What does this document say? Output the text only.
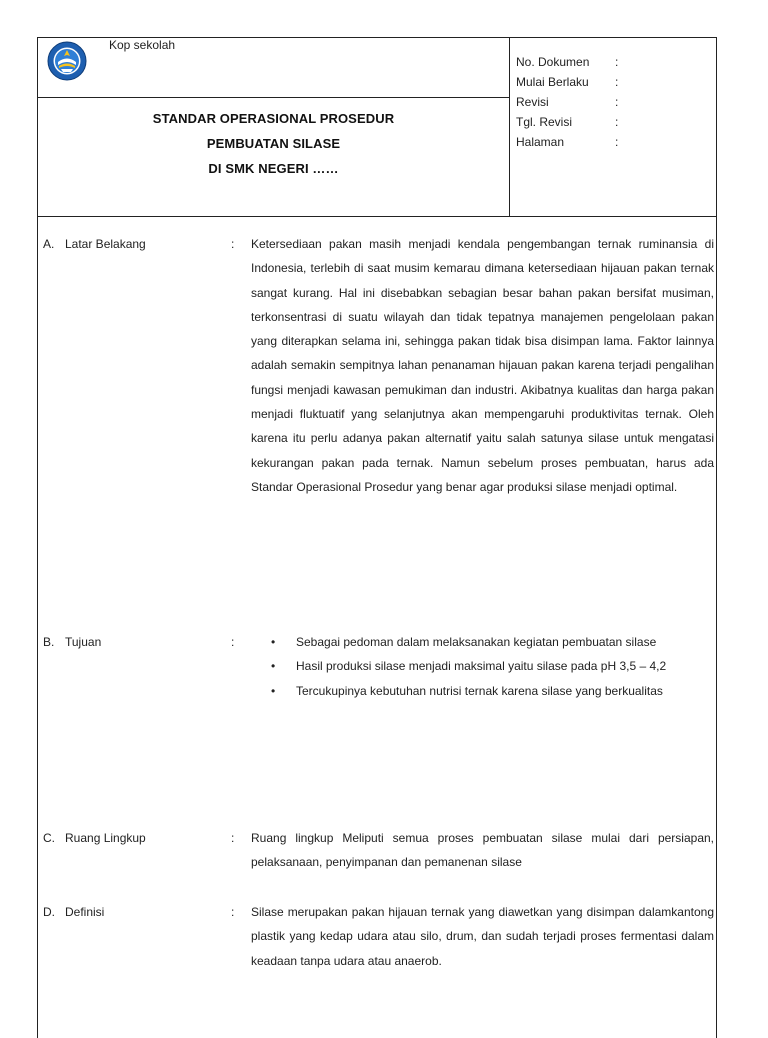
Kop sekolah
STANDAR OPERASIONAL PROSEDUR
PEMBUATAN SILASE
DI SMK NEGERI ……
No. Dokumen	:
Mulai Berlaku	:
Revisi	:
Tgl. Revisi	:
Halaman	:
A. Latar Belakang	: Ketersediaan pakan masih menjadi kendala pengembangan ternak ruminansia di Indonesia, terlebih di saat musim kemarau dimana ketersediaan hijauan pakan ternak sangat kurang. Hal ini disebabkan sebagian besar bahan pakan bersifat musiman, terkonsentrasi di suatu wilayah dan tidak tepatnya manajemen pengelolaan pakan yang diterapkan selama ini, sehingga pakan tidak bisa disimpan lama. Faktor lainnya adalah semakin sempitnya lahan penanaman hijauan pakan karena terjadi pengalihan fungsi menjadi kawasan pemukiman dan industri. Akibatnya kualitas dan harga pakan menjadi fluktuatif yang selanjutnya akan mempengaruhi produktivitas ternak. Oleh karena itu perlu adanya pakan alternatif yaitu salah satunya silase untuk mengatasi kekurangan pakan pada ternak. Namun sebelum proses pembuatan, harus ada Standar Operasional Prosedur yang benar agar produksi silase menjadi optimal.
B. Tujuan	:	• Sebagai pedoman dalam melaksanakan kegiatan pembuatan silase
• Hasil produksi silase menjadi maksimal yaitu silase pada pH 3,5 – 4,2
• Tercukupinya kebutuhan nutrisi ternak karena silase yang berkualitas
C. Ruang Lingkup	: Ruang lingkup Meliputi semua proses pembuatan silase mulai dari persiapan, pelaksanaan, penyimpanan dan pemanenan silase
D. Definisi	: Silase merupakan pakan hijauan ternak yang diawetkan yang disimpan dalamkantong plastik yang kedap udara atau silo, drum, dan sudah terjadi proses fermentasi dalam keadaan tanpa udara atau anaerob.
